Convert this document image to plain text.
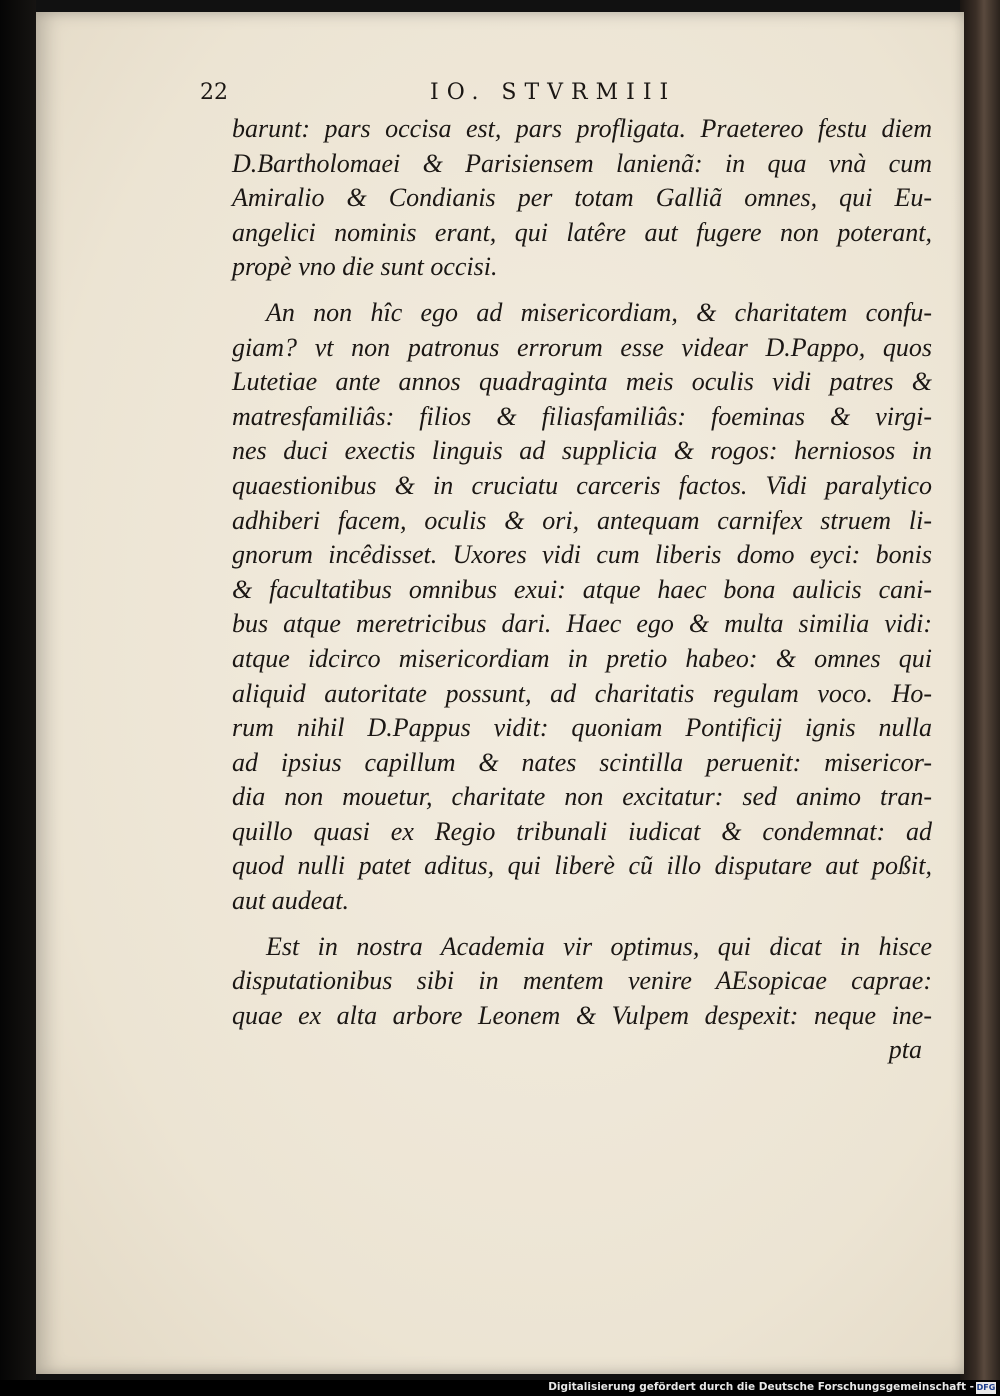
22	IO. STVRMIII
barunt: pars occisa est, pars profligata. Praetereo festu diem
D.Bartholomaei & Parisiensem lanienã: in qua vnà cum
Amiralio & Condianis per totam Galliã omnes, qui Eu-
angelici nominis erant, qui latêre aut fugere non poterant,
propè vno die sunt occisi.
An non hîc ego ad misericordiam, & charitatem confu-
giam? vt non patronus errorum esse videar D.Pappo, quos
Lutetiae ante annos quadraginta meis oculis vidi patres &
matresfamiliâs: filios & filiasfamiliâs: foeminas & virgi-
nes duci exectis linguis ad supplicia & rogos: herniosos in
quaestionibus & in cruciatu carceris factos. Vidi paralytico
adhiberi facem, oculis & ori, antequam carnifex struem li-
gnorum incêdisset. Uxores vidi cum liberis domo eyci: bonis
& facultatibus omnibus exui: atque haec bona aulicis cani-
bus atque meretricibus dari. Haec ego & multa similia vidi:
atque idcirco misericordiam in pretio habeo: & omnes qui
aliquid autoritate possunt, ad charitatis regulam voco. Ho-
rum nihil D.Pappus vidit: quoniam Pontificij ignis nulla
ad ipsius capillum & nates scintilla peruenit: misericor-
dia non mouetur, charitate non excitatur: sed animo tran-
quillo quasi ex Regio tribunali iudicat & condemnat: ad
quod nulli patet aditus, qui liberè cũ illo disputare aut poßit,
aut audeat.
Est in nostra Academia vir optimus, qui dicat in hisce
disputationibus sibi in mentem venire AEsopicae caprae:
quae ex alta arbore Leonem & Vulpem despexit: neque ine-
pta
Digitalisierung gefördert durch die Deutsche Forschungsgemeinschaft - DFG
